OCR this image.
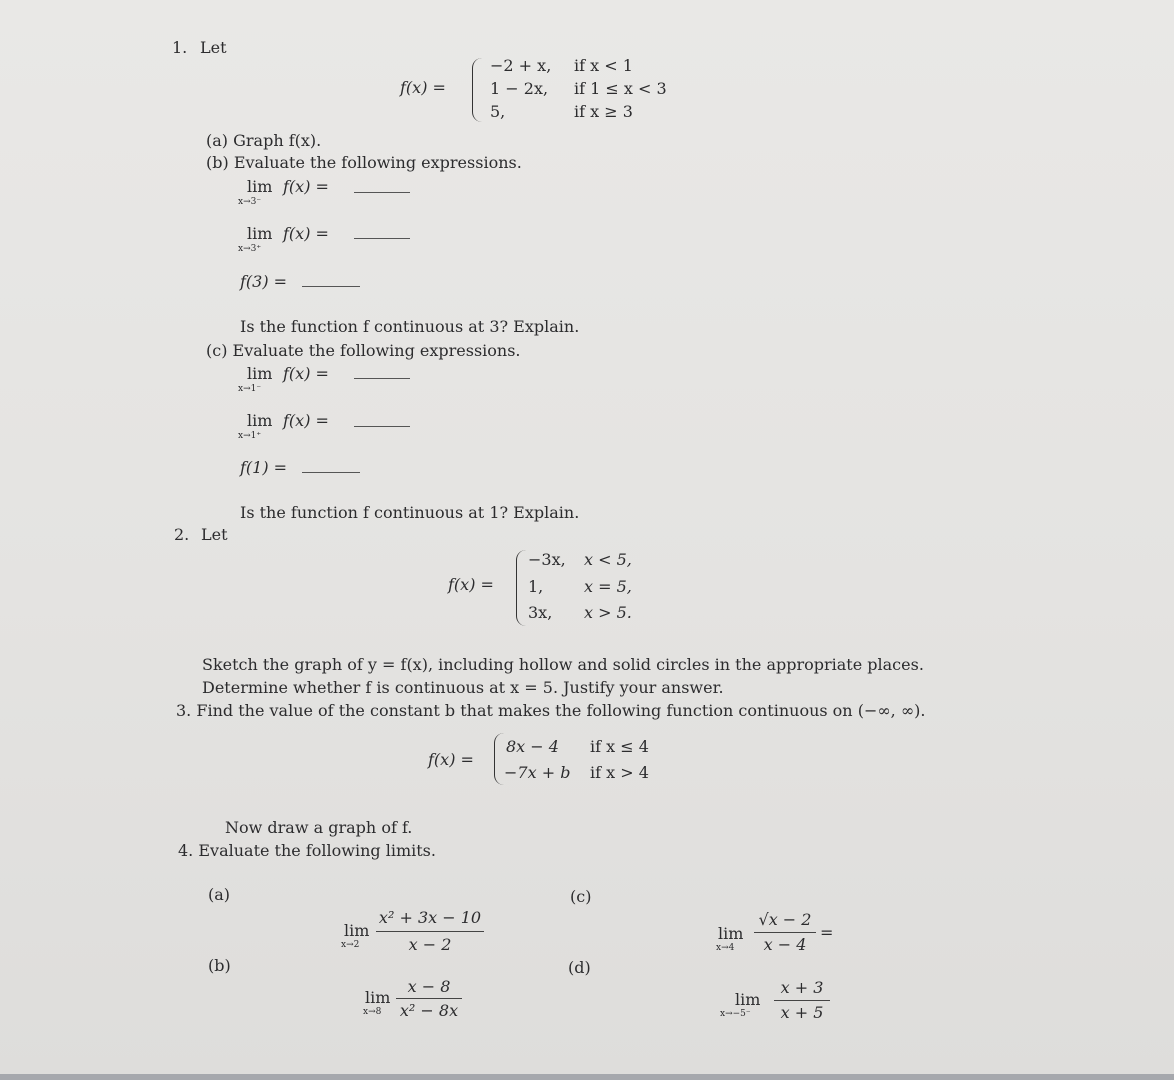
1. Let
f(x) =
−2 + x, if x < 1
1 − 2x, if 1 ≤ x < 3
5,	if x ≥ 3
(a) Graph f(x).
(b) Evaluate the following expressions.
lim
x→3⁻
f(x) =
lim
x→3⁺
f(x) =
f(3) =
Is the function f continuous at 3? Explain.
(c) Evaluate the following expressions.
lim
x→1⁻
f(x) =
lim
x→1⁺
f(x) =
f(1) =
Is the function f continuous at 1? Explain.
2. Let
f(x) =
−3x, x < 5,
1,	x = 5,
3x, x > 5.
Sketch the graph of y = f(x), including hollow and solid circles in the appropriate places.
Determine whether f is continuous at x = 5. Justify your answer.
3. Find the value of the constant b that makes the following function continuous on (−∞, ∞).
f(x) =
8x − 4 if x ≤ 4
−7x + b if x > 4
Now draw a graph of f.
4. Evaluate the following limits.
(a)
(b)
(c)
(d)
lim
x→2
x² + 3x − 10
x − 2
lim
x→8
x − 8
x² − 8x
lim
x→4
√x − 2
x − 4
=
lim
x→−5⁻
x + 3
x + 5
